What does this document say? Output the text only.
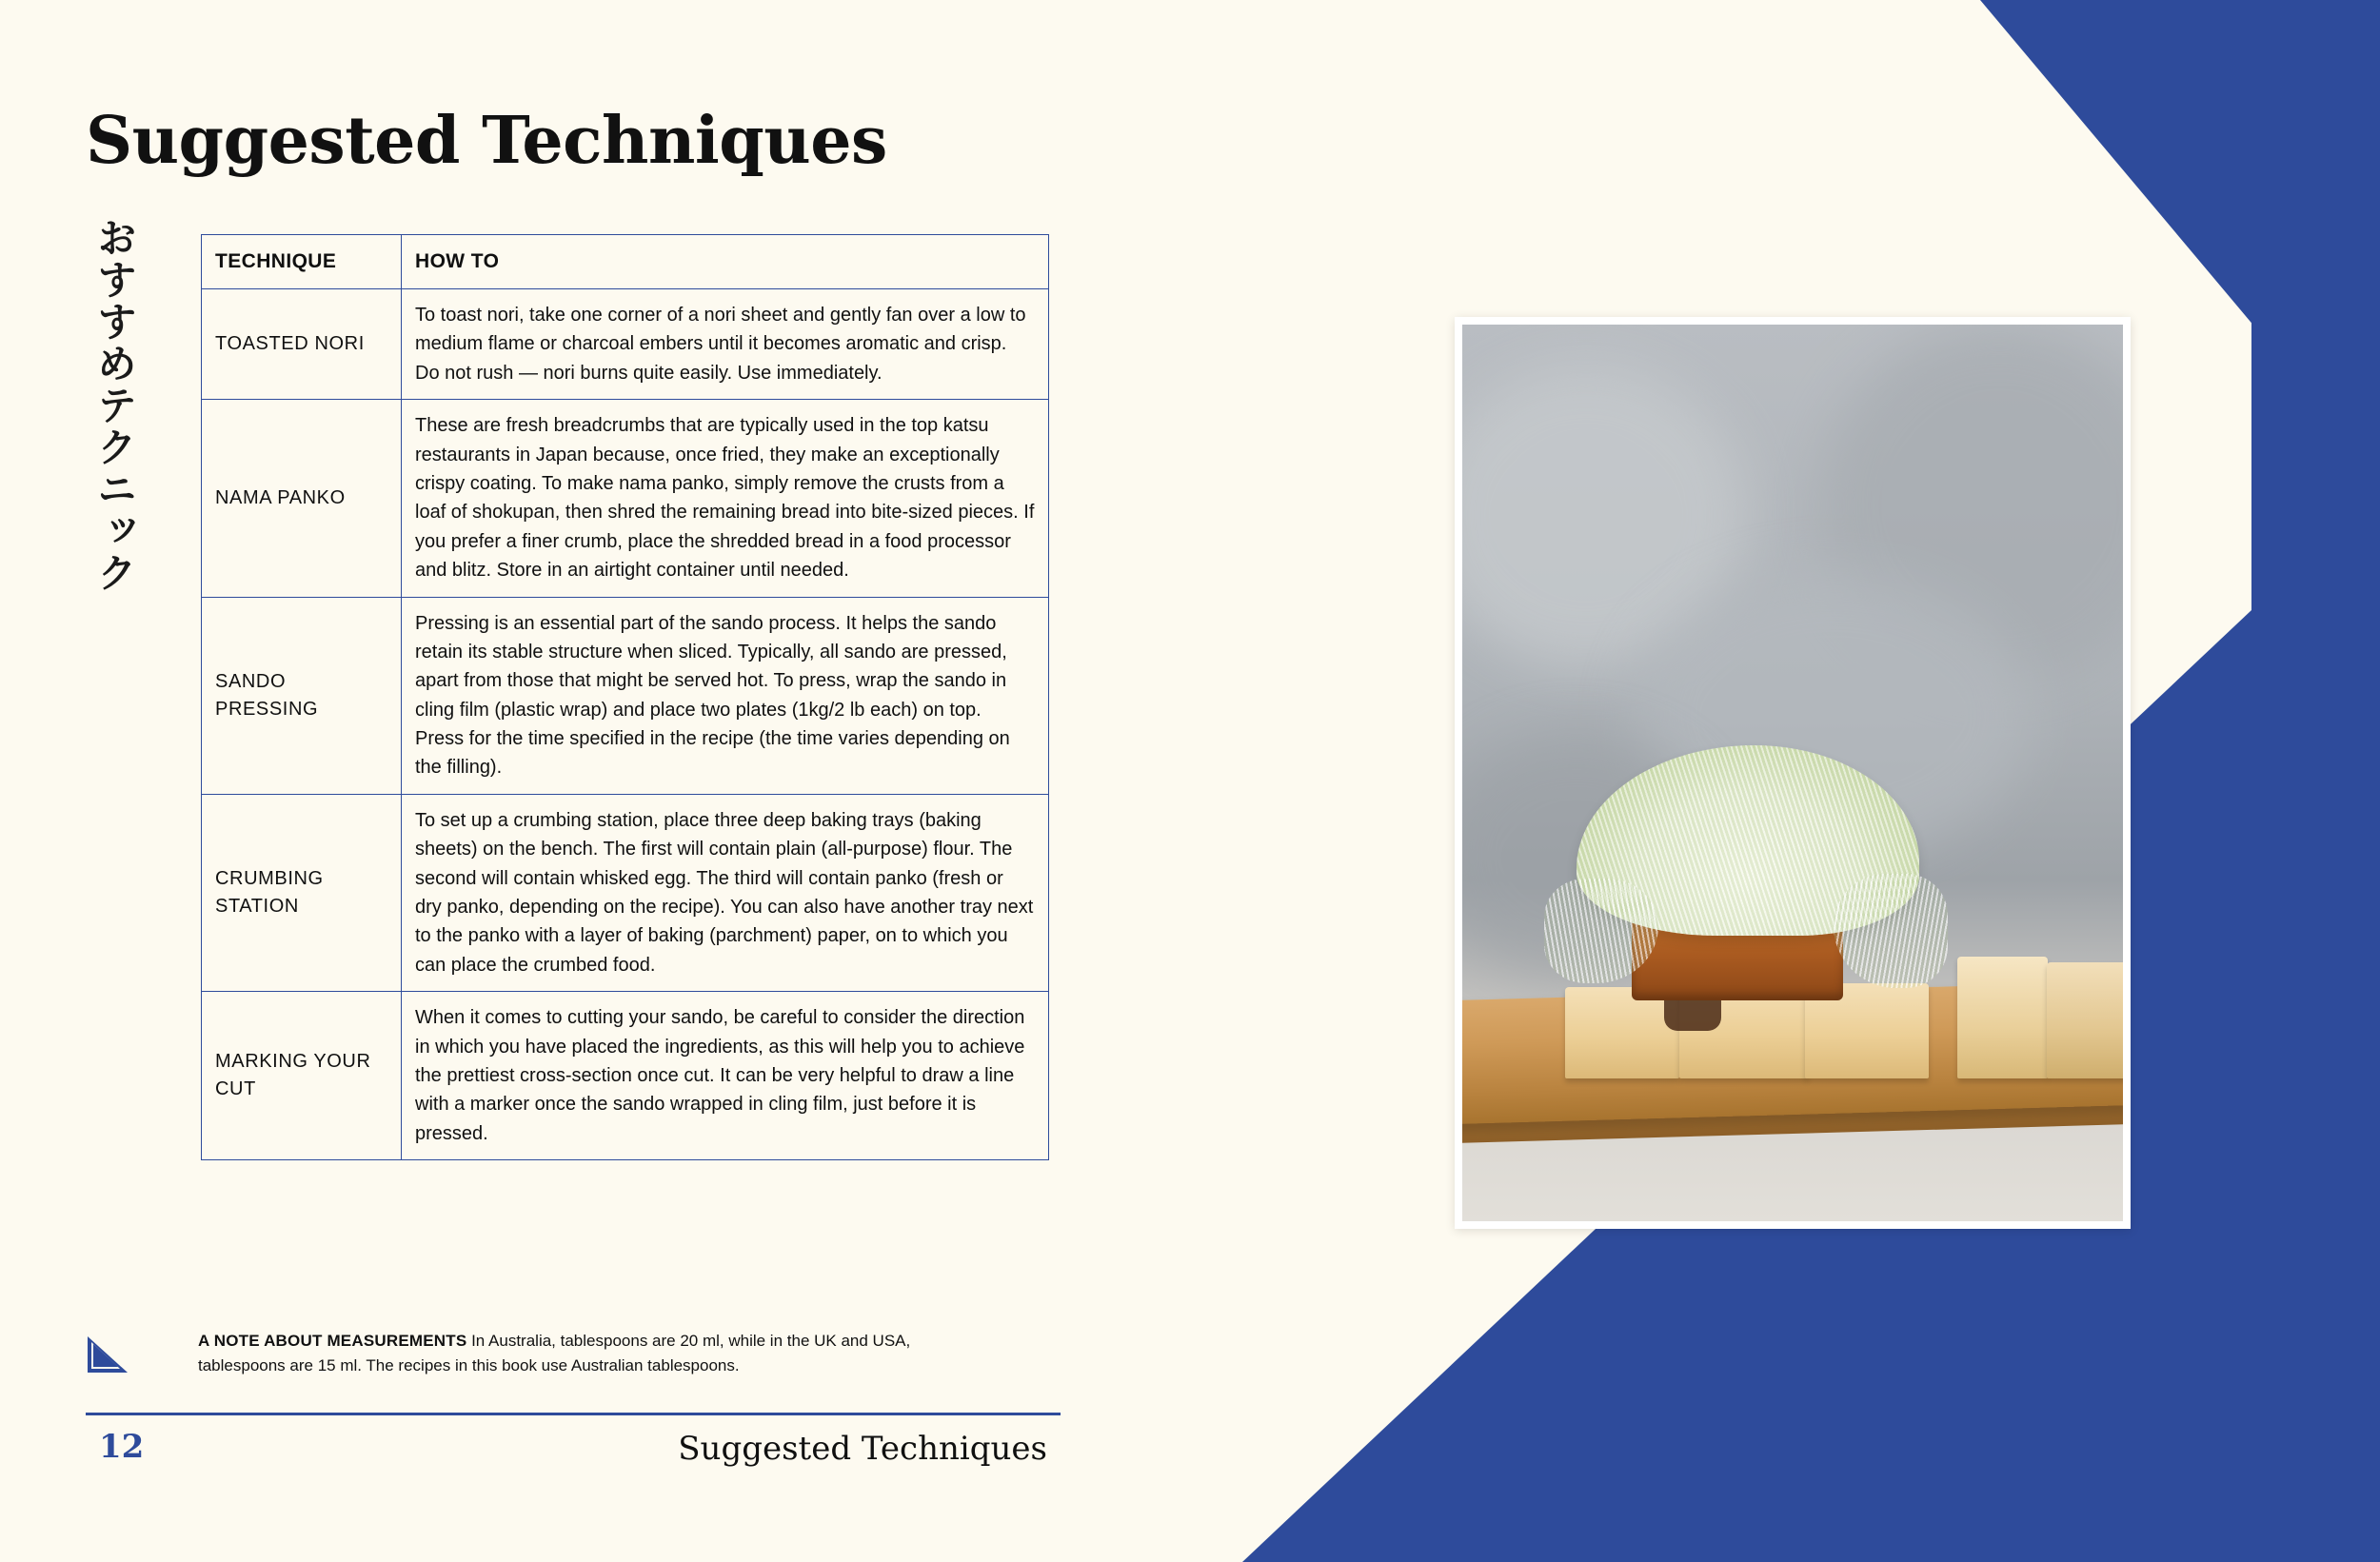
Suggested Techniques
おすすめテクニック	TECHNIQUE	HOW TO
TOASTED NORI	To toast nori, take one corner of a nori sheet and gently fan over a low to medium flame or charcoal embers until it becomes aromatic and crisp. Do not rush — nori burns quite easily. Use immediately.
NAMA PANKO	These are fresh breadcrumbs that are typically used in the top katsu restaurants in Japan because, once fried, they make an exceptionally crispy coating. To make nama panko, simply remove the crusts from a loaf of shokupan, then shred the remaining bread into bite-sized pieces. If you prefer a finer crumb, place the shredded bread in a food processor and blitz. Store in an airtight container until needed.
SANDO PRESSING	Pressing is an essential part of the sando process. It helps the sando retain its stable structure when sliced. Typically, all sando are pressed, apart from those that might be served hot. To press, wrap the sando in cling film (plastic wrap) and place two plates (1kg/2 lb each) on top. Press for the time specified in the recipe (the time varies depending on the filling).
CRUMBING STATION	To set up a crumbing station, place three deep baking trays (baking sheets) on the bench. The first will contain plain (all-purpose) flour. The second will contain whisked egg. The third will contain panko (fresh or dry panko, depending on the recipe). You can also have another tray next to the panko with a layer of baking (parchment) paper, on to which you can place the crumbed food.
MARKING YOUR CUT	When it comes to cutting your sando, be careful to consider the direction in which you have placed the ingredients, as this will help you to achieve the prettiest cross-section once cut. It can be very helpful to draw a line with a marker once the sando wrapped in cling film, just before it is pressed.
A NOTE ABOUT MEASUREMENTS In Australia, tablespoons are 20 ml, while in the UK and USA, tablespoons are 15 ml. The recipes in this book use Australian tablespoons.
12	Suggested Techniques
